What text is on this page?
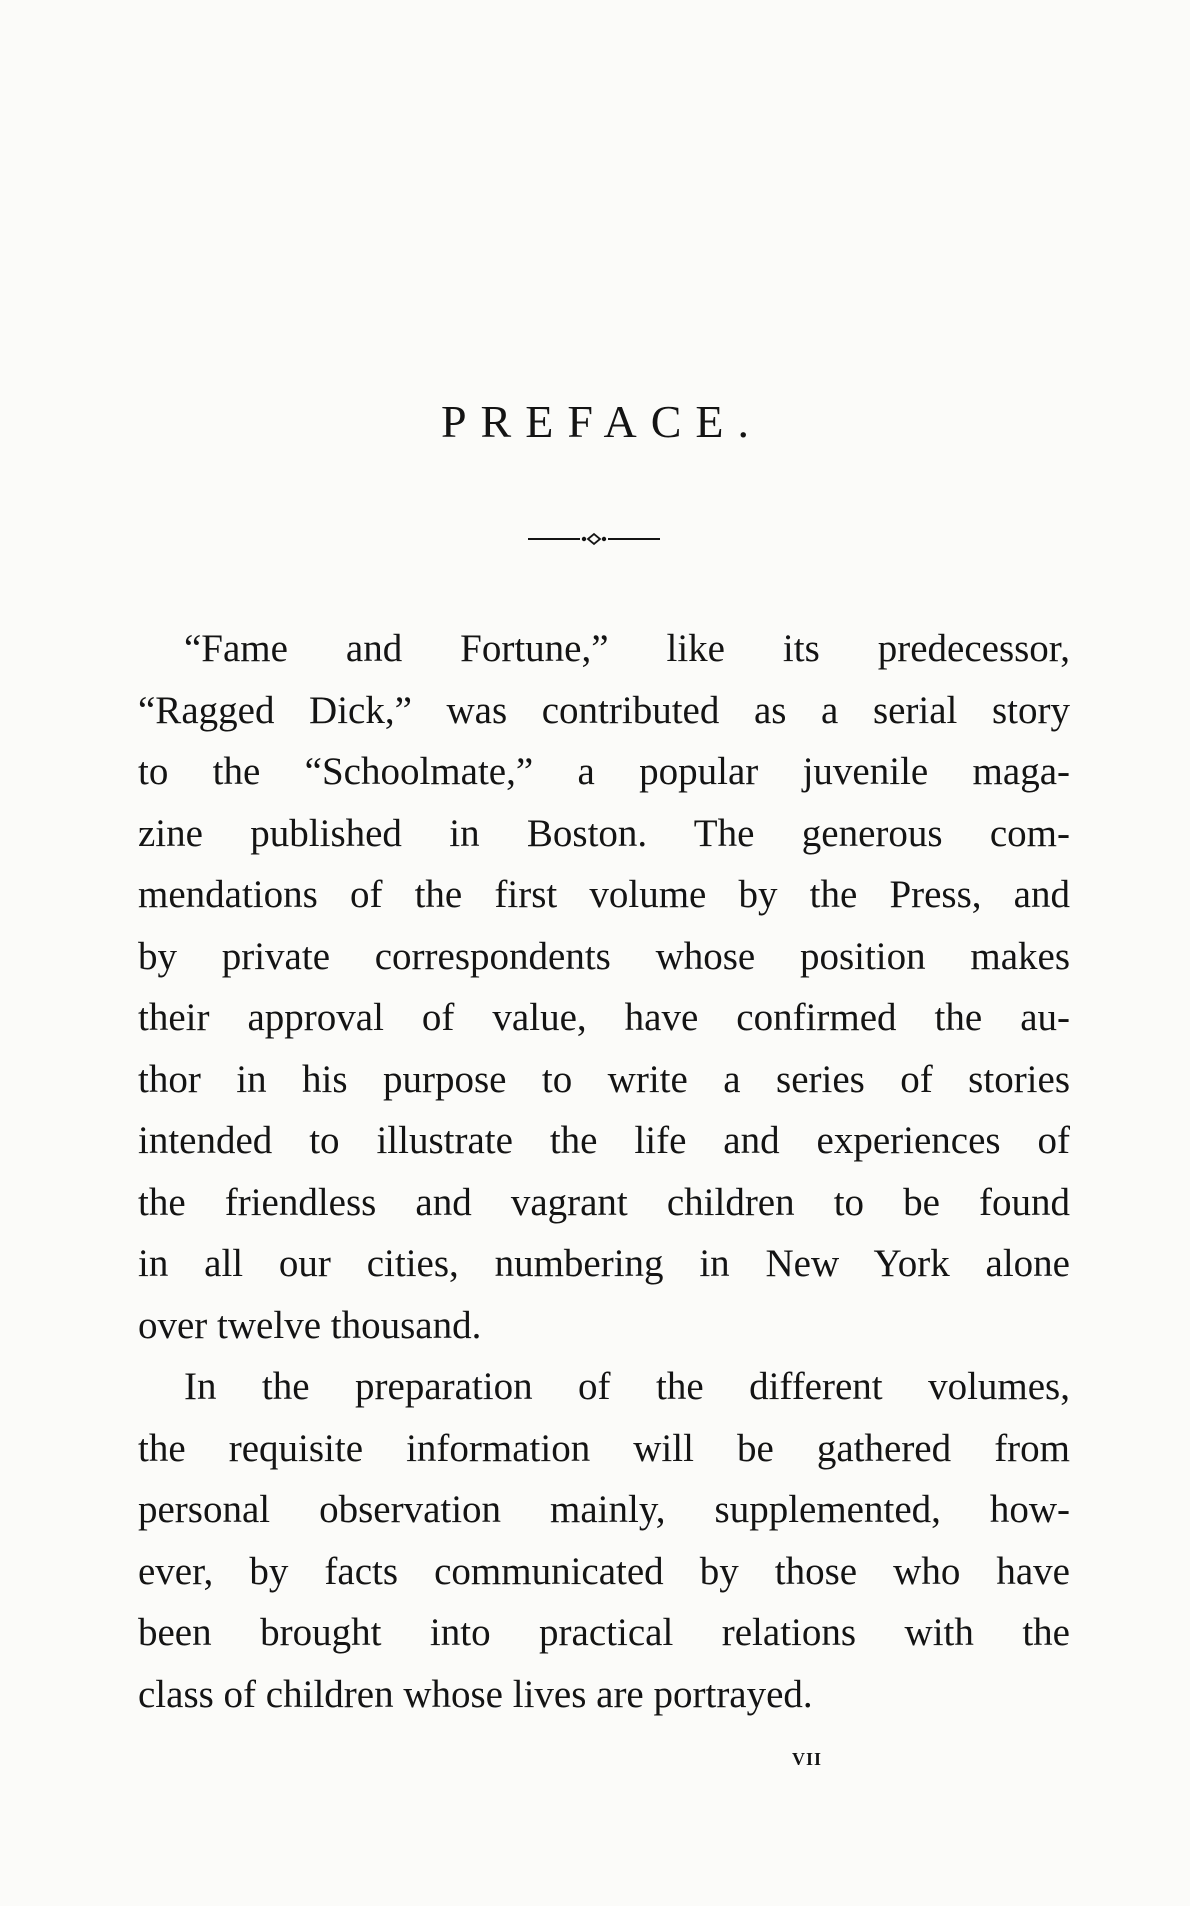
PREFACE.
“Fame and Fortune,” like its predecessor,
“Ragged Dick,” was contributed as a serial story
to the “Schoolmate,” a popular juvenile maga-
zine published in Boston. The generous com-
mendations of the first volume by the Press, and
by private correspondents whose position makes
their approval of value, have confirmed the au-
thor in his purpose to write a series of stories
intended to illustrate the life and experiences of
the friendless and vagrant children to be found
in all our cities, numbering in New York alone
over twelve thousand.
In the preparation of the different volumes,
the requisite information will be gathered from
personal observation mainly, supplemented, how-
ever, by facts communicated by those who have
been brought into practical relations with the
class of children whose lives are portrayed.
vii
